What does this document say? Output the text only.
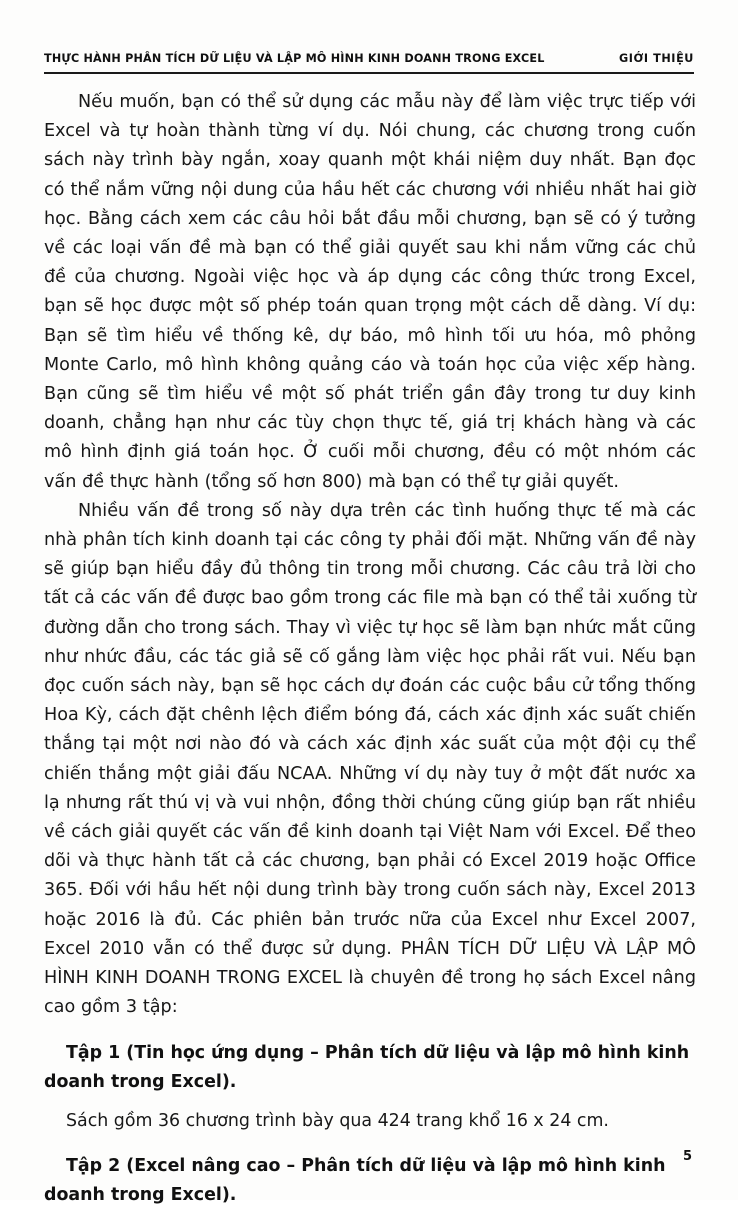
THỰC HÀNH PHÂN TÍCH DỮ LIỆU VÀ LẬP MÔ HÌNH KINH DOANH TRONG EXCEL	GIỚI THIỆU

Nếu muốn, bạn có thể sử dụng các mẫu này để làm việc trực tiếp với Excel và tự hoàn thành từng ví dụ. Nói chung, các chương trong cuốn sách này trình bày ngắn, xoay quanh một khái niệm duy nhất. Bạn đọc có thể nắm vững nội dung của hầu hết các chương với nhiều nhất hai giờ học. Bằng cách xem các câu hỏi bắt đầu mỗi chương, bạn sẽ có ý tưởng về các loại vấn đề mà bạn có thể giải quyết sau khi nắm vững các chủ đề của chương. Ngoài việc học và áp dụng các công thức trong Excel, bạn sẽ học được một số phép toán quan trọng một cách dễ dàng. Ví dụ: Bạn sẽ tìm hiểu về thống kê, dự báo, mô hình tối ưu hóa, mô phỏng Monte Carlo, mô hình không quảng cáo và toán học của việc xếp hàng. Bạn cũng sẽ tìm hiểu về một số phát triển gần đây trong tư duy kinh doanh, chẳng hạn như các tùy chọn thực tế, giá trị khách hàng và các mô hình định giá toán học. Ở cuối mỗi chương, đều có một nhóm các vấn đề thực hành (tổng số hơn 800) mà bạn có thể tự giải quyết.

Nhiều vấn đề trong số này dựa trên các tình huống thực tế mà các nhà phân tích kinh doanh tại các công ty phải đối mặt. Những vấn đề này sẽ giúp bạn hiểu đầy đủ thông tin trong mỗi chương. Các câu trả lời cho tất cả các vấn đề được bao gồm trong các file mà bạn có thể tải xuống từ đường dẫn cho trong sách. Thay vì việc tự học sẽ làm bạn nhức mắt cũng như nhức đầu, các tác giả sẽ cố gắng làm việc học phải rất vui. Nếu bạn đọc cuốn sách này, bạn sẽ học cách dự đoán các cuộc bầu cử tổng thống Hoa Kỳ, cách đặt chênh lệch điểm bóng đá, cách xác định xác suất chiến thắng tại một nơi nào đó và cách xác định xác suất của một đội cụ thể chiến thắng một giải đấu NCAA. Những ví dụ này tuy ở một đất nước xa lạ nhưng rất thú vị và vui nhộn, đồng thời chúng cũng giúp bạn rất nhiều về cách giải quyết các vấn đề kinh doanh tại Việt Nam với Excel. Để theo dõi và thực hành tất cả các chương, bạn phải có Excel 2019 hoặc Office 365. Đối với hầu hết nội dung trình bày trong cuốn sách này, Excel 2013 hoặc 2016 là đủ. Các phiên bản trước nữa của Excel như Excel 2007, Excel 2010 vẫn có thể được sử dụng. PHÂN TÍCH DỮ LIỆU VÀ LẬP MÔ HÌNH KINH DOANH TRONG EXCEL là chuyên đề trong họ sách Excel nâng cao gồm 3 tập:

Tập 1 (Tin học ứng dụng – Phân tích dữ liệu và lập mô hình kinh doanh trong Excel).

Sách gồm 36 chương trình bày qua 424 trang khổ 16 x 24 cm.

Tập 2 (Excel nâng cao – Phân tích dữ liệu và lập mô hình kinh doanh trong Excel).

5
